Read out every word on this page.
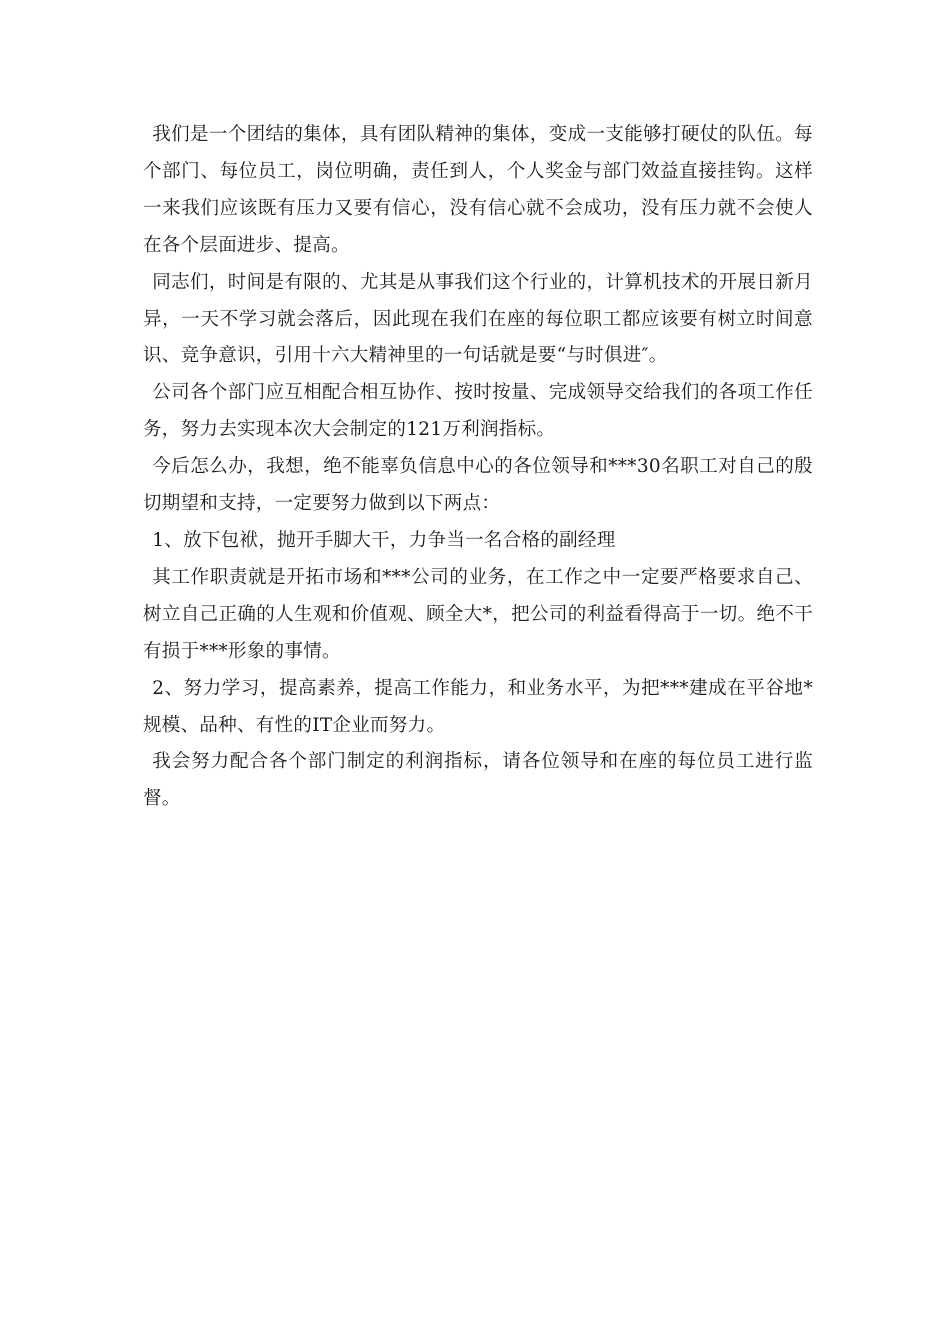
我们是一个团结的集体，具有团队精神的集体，变成一支能够打硬仗的队伍。每个部门、每位员工，岗位明确，责任到人，个人奖金与部门效益直接挂钩。这样一来我们应该既有压力又要有信心，没有信心就不会成功，没有压力就不会使人在各个层面进步、提高。

同志们，时间是有限的、尤其是从事我们这个行业的，计算机技术的开展日新月异，一天不学习就会落后，因此现在我们在座的每位职工都应该要有树立时间意识、竞争意识，引用十六大精神里的一句话就是要“与时俱进″。

公司各个部门应互相配合相互协作、按时按量、完成领导交给我们的各项工作任务，努力去实现本次大会制定的121万利润指标。

今后怎么办，我想，绝不能辜负信息中心的各位领导和***30名职工对自己的殷切期望和支持，一定要努力做到以下两点：

1、放下包袱，抛开手脚大干，力争当一名合格的副经理

其工作职责就是开拓市场和***公司的业务，在工作之中一定要严格要求自己、树立自己正确的人生观和价值观、顾全大*，把公司的利益看得高于一切。绝不干有损于***形象的事情。

2、努力学习，提高素养，提高工作能力，和业务水平，为把***建成在平谷地*规模、品种、有性的IT企业而努力。

我会努力配合各个部门制定的利润指标，请各位领导和在座的每位员工进行监督。
